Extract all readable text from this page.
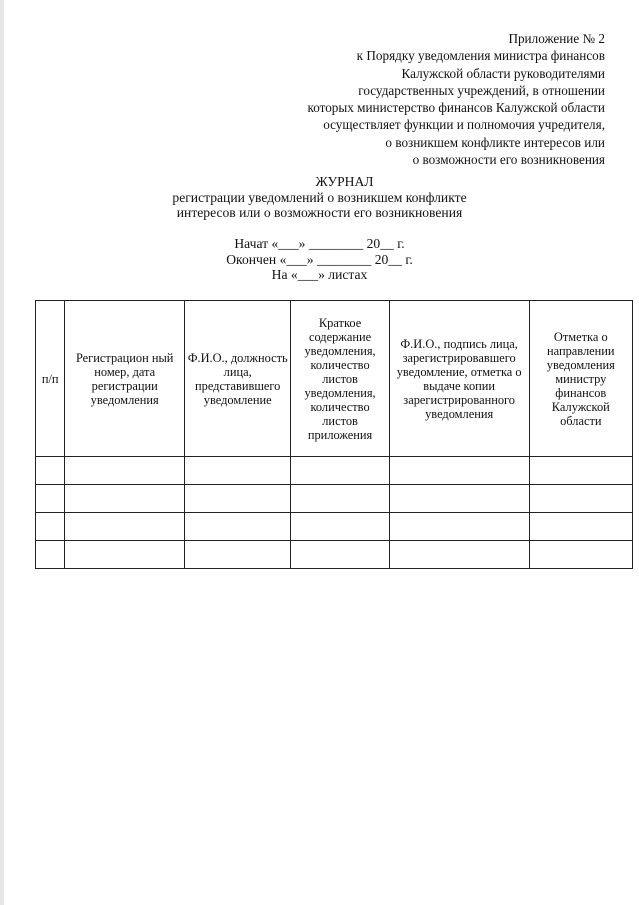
Приложение № 2
к Порядку уведомления министра финансов
Калужской области руководителями
государственных учреждений, в отношении
которых министерство финансов Калужской области
осуществляет функции и полномочия учредителя,
о возникшем конфликте интересов или
о возможности его возникновения
ЖУРНАЛ
регистрации уведомлений о возникшем конфликте
интересов или о возможности его возникновения
Начат «___» ________ 20__ г.
Окончен «___» ________ 20__ г.
На «___» листах
п/п	Регистрацион ный номер, дата регистрации уведомления	Ф.И.О., должность лица, представившего уведомление	Краткое содержание уведомления, количество листов уведомления, количество листов приложения	Ф.И.О., подпись лица, зарегистрировавшего уведомление, отметка о выдаче копии зарегистрированного уведомления	Отметка о направлении уведомления министру финансов Калужской области
